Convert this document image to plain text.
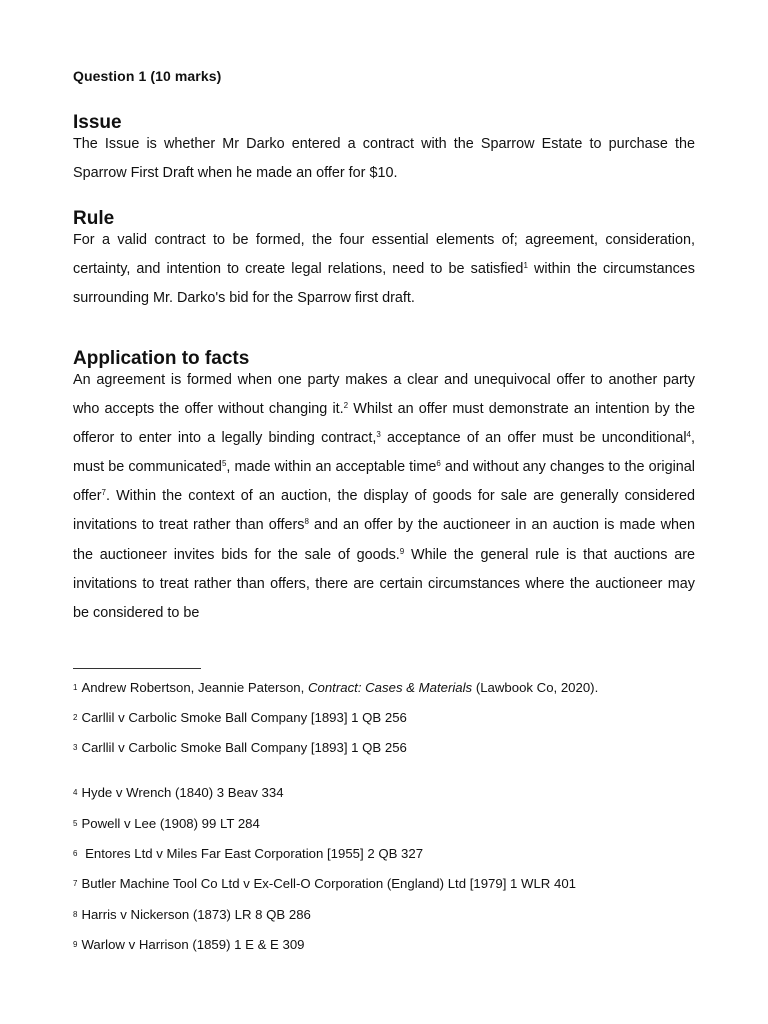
Question 1 (10 marks)
Issue

The Issue is whether Mr Darko entered a contract with the Sparrow Estate to purchase the Sparrow First Draft when he made an offer for $10.

Rule

For a valid contract to be formed, the four essential elements of; agreement, consideration, certainty, and intention to create legal relations, need to be satisfied$^1$ within the circumstances surrounding Mr. Darko's bid for the Sparrow first draft.

Application to facts

An agreement is formed when one party makes a clear and unequivocal offer to another party who accepts the offer without changing it.$^2$ Whilst an offer must demonstrate an intention by the offeror to enter into a legally binding contract,$^3$ acceptance of an offer must be unconditional$^4$, must be communicated$^5$, made within an acceptable time$^6$ and without any changes to the original offer$^7$. Within the context of an auction, the display of goods for sale are generally considered invitations to treat rather than offers$^8$ and an offer by the auctioneer in an auction is made when the auctioneer invites bids for the sale of goods.$^9$ While the general rule is that auctions are invitations to treat rather than offers, there are certain circumstances where the auctioneer may be considered to be

1 Andrew Robertson, Jeannie Paterson, Contract: Cases & Materials (Lawbook Co, 2020).
2 Carllil v Carbolic Smoke Ball Company [1893] 1 QB 256
3 Carllil v Carbolic Smoke Ball Company [1893] 1 QB 256
4 Hyde v Wrench (1840) 3 Beav 334
5 Powell v Lee (1908) 99 LT 284
6 Entores Ltd v Miles Far East Corporation [1955] 2 QB 327
7 Butler Machine Tool Co Ltd v Ex-Cell-O Corporation (England) Ltd [1979] 1 WLR 401
8 Harris v Nickerson (1873) LR 8 QB 286
9 Warlow v Harrison (1859) 1 E & E 309
